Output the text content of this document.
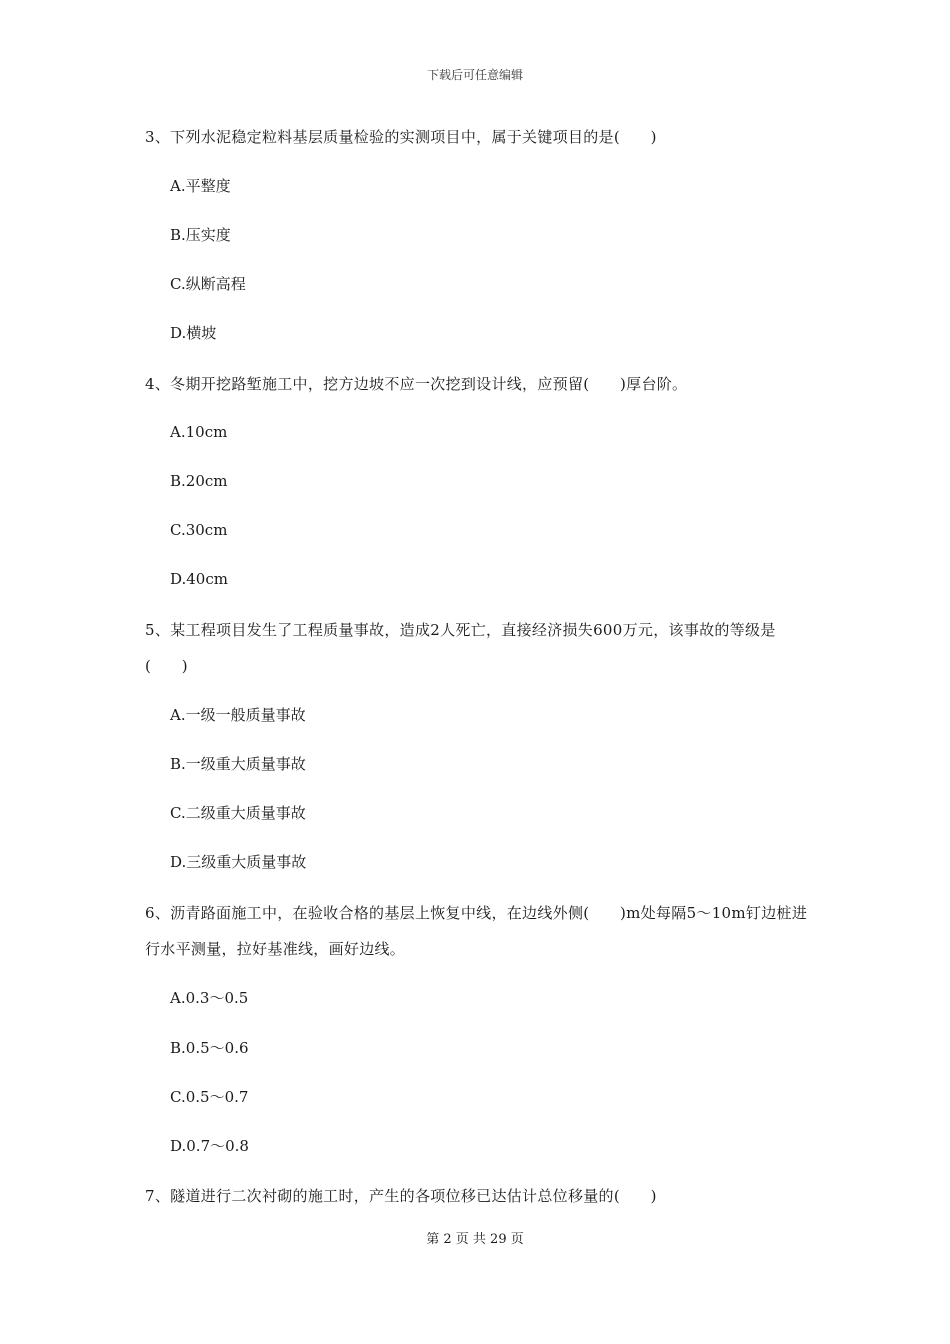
下载后可任意编辑
3、下列水泥稳定粒料基层质量检验的实测项目中，属于关键项目的是(　　)
A.平整度
B.压实度
C.纵断高程
D.横坡
4、冬期开挖路堑施工中，挖方边坡不应一次挖到设计线，应预留(　　)厚台阶。
A.10cm
B.20cm
C.30cm
D.40cm
5、某工程项目发生了工程质量事故，造成2人死亡，直接经济损失600万元，该事故的等级是(　　)
A.一级一般质量事故
B.一级重大质量事故
C.二级重大质量事故
D.三级重大质量事故
6、沥青路面施工中，在验收合格的基层上恢复中线，在边线外侧(　　)m处每隔5～10m钉边桩进行水平测量，拉好基准线，画好边线。
A.0.3～0.5
B.0.5～0.6
C.0.5～0.7
D.0.7～0.8
7、隧道进行二次衬砌的施工时，产生的各项位移已达估计总位移量的(　　)
第 2 页 共 29 页
